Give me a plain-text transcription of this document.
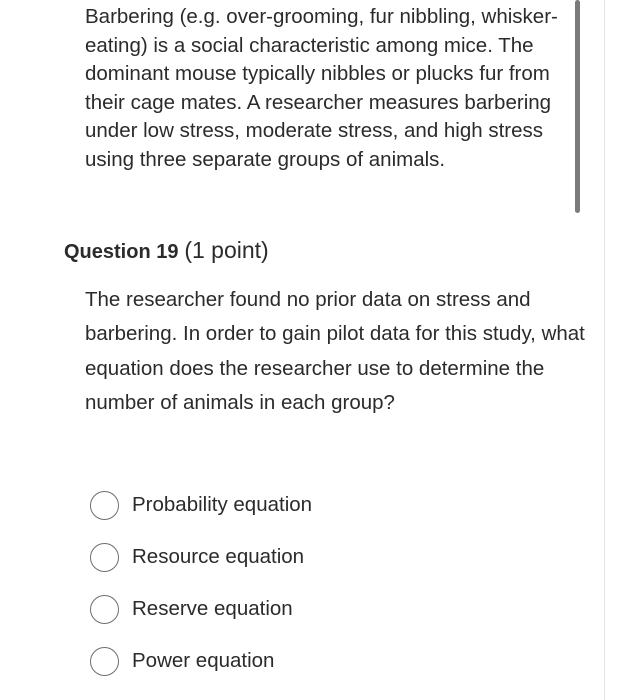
Barbering (e.g. over-grooming, fur nibbling, whisker-eating) is a social characteristic among mice. The dominant mouse typically nibbles or plucks fur from their cage mates. A researcher measures barbering under low stress, moderate stress, and high stress using three separate groups of animals.

Question 19 (1 point)

The researcher found no prior data on stress and barbering. In order to gain pilot data for this study, what equation does the researcher use to determine the number of animals in each group?

Probability equation
Resource equation
Reserve equation
Power equation
